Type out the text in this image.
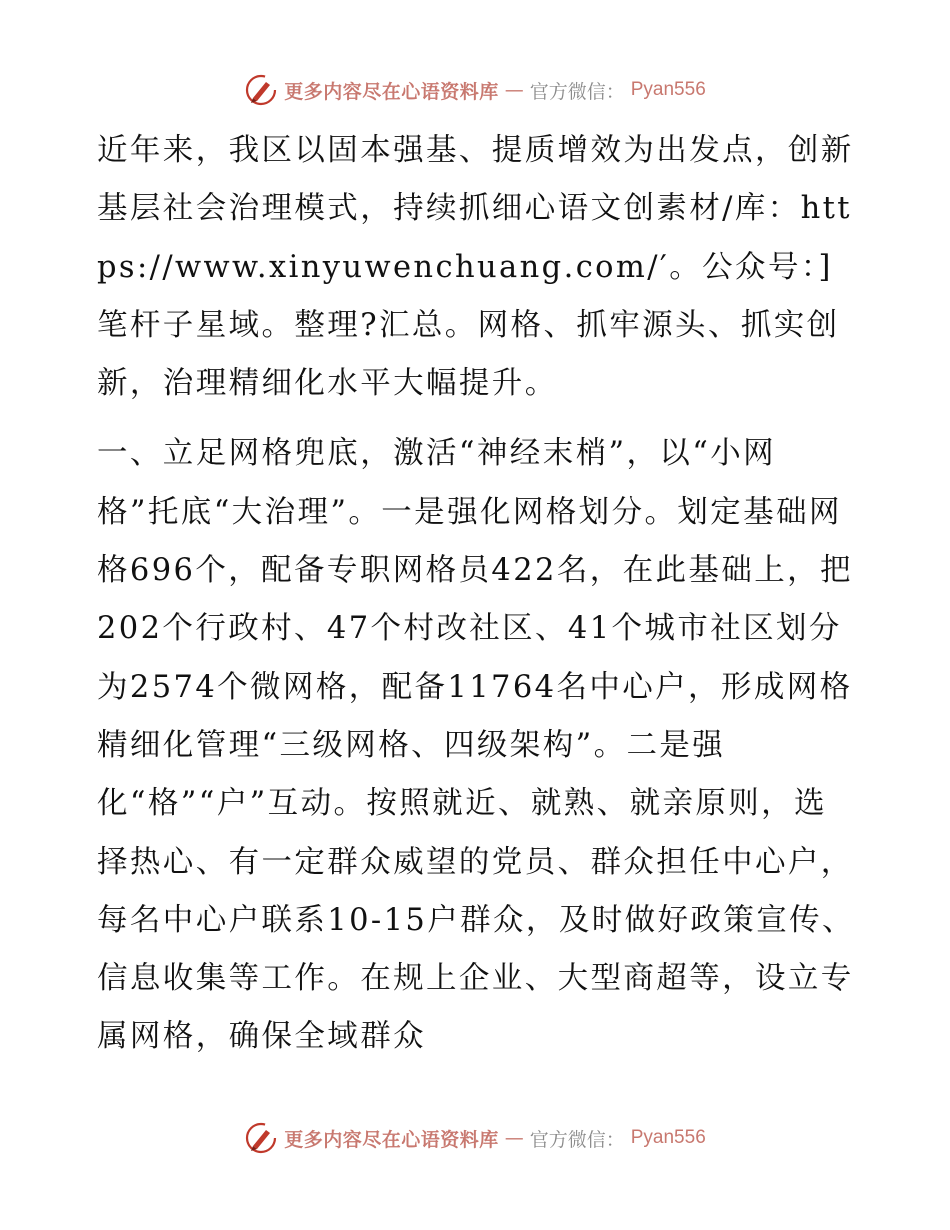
更多内容尽在心语资料库 — 官方微信： Pyan556

近年来，我区以固本强基、提质增效为出发点，创新基层社会治理模式，持续抓细心语文创素材/库：https://www.xinyuwenchuang.com/′。公众号：]笔杆子星域。整理?汇总。网格、抓牢源头、抓实创新，治理精细化水平大幅提升。

一、立足网格兜底，激活“神经末梢”，以“小网格”托底“大治理”。一是强化网格划分。划定基础网格696个，配备专职网格员422名，在此基础上，把202个行政村、47个村改社区、41个城市社区划分为2574个微网格，配备11764名中心户，形成网格精细化管理“三级网格、四级架构”。二是强化“格”“户”互动。按照就近、就熟、就亲原则，选择热心、有一定群众威望的党员、群众担任中心户，每名中心户联系10-15户群众，及时做好政策宣传、信息收集等工作。在规上企业、大型商超等，设立专属网格，确保全域群众

更多内容尽在心语资料库 — 官方微信： Pyan556
